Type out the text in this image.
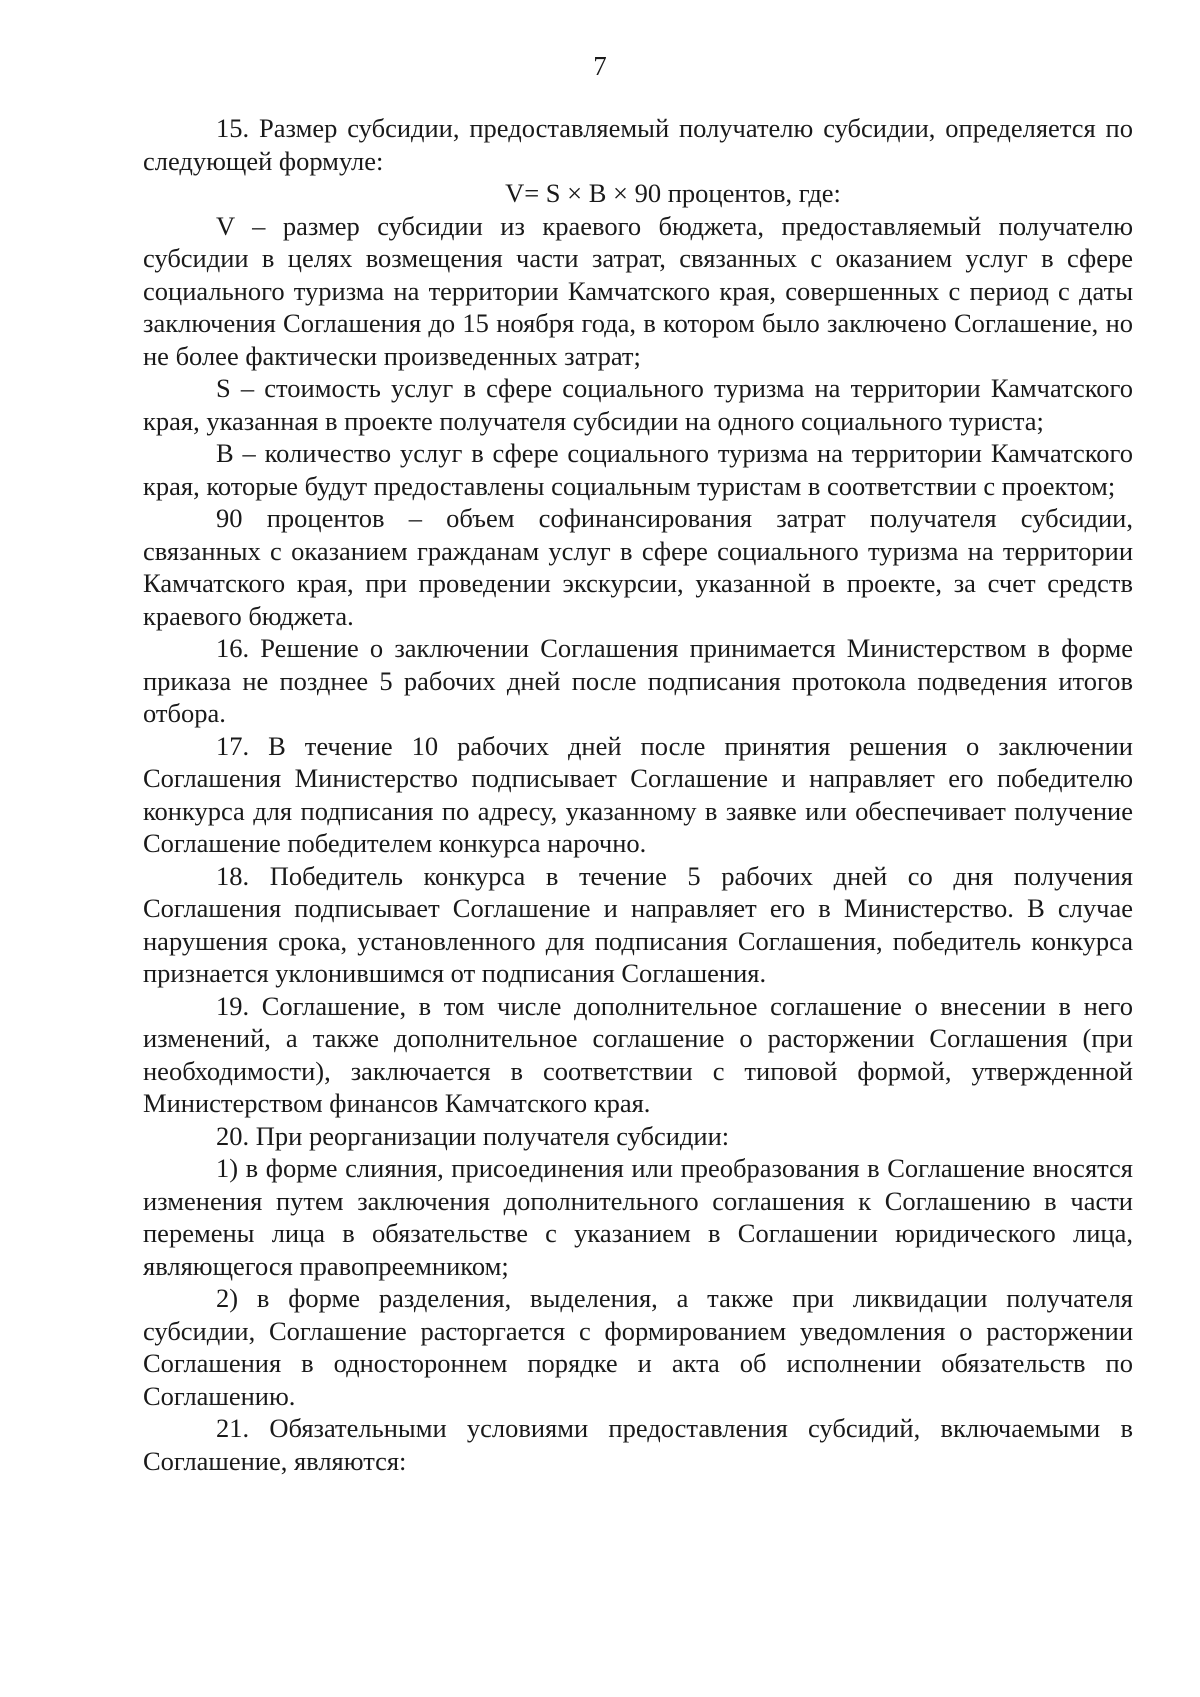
7

15. Размер субсидии, предоставляемый получателю субсидии, определяется по следующей формуле:

V= S × B × 90 процентов, где:

V – размер субсидии из краевого бюджета, предоставляемый получателю субсидии в целях возмещения части затрат, связанных с оказанием услуг в сфере социального туризма на территории Камчатского края, совершенных с период с даты заключения Соглашения до 15 ноября года, в котором было заключено Соглашение, но не более фактически произведенных затрат;

S – стоимость услуг в сфере социального туризма на территории Камчатского края, указанная в проекте получателя субсидии на одного социального туриста;

B – количество услуг в сфере социального туризма на территории Камчатского края, которые будут предоставлены социальным туристам в соответствии с проектом;

90 процентов – объем софинансирования затрат получателя субсидии, связанных с оказанием гражданам услуг в сфере социального туризма на территории Камчатского края, при проведении экскурсии, указанной в проекте, за счет средств краевого бюджета.

16. Решение о заключении Соглашения принимается Министерством в форме приказа не позднее 5 рабочих дней после подписания протокола подведения итогов отбора.

17. В течение 10 рабочих дней после принятия решения о заключении Соглашения Министерство подписывает Соглашение и направляет его победителю конкурса для подписания по адресу, указанному в заявке или обеспечивает получение Соглашение победителем конкурса нарочно.

18. Победитель конкурса в течение 5 рабочих дней со дня получения Соглашения подписывает Соглашение и направляет его в Министерство. В случае нарушения срока, установленного для подписания Соглашения, победитель конкурса признается уклонившимся от подписания Соглашения.

19. Соглашение, в том числе дополнительное соглашение о внесении в него изменений, а также дополнительное соглашение о расторжении Соглашения (при необходимости), заключается в соответствии с типовой формой, утвержденной Министерством финансов Камчатского края.

20. При реорганизации получателя субсидии:

1) в форме слияния, присоединения или преобразования в Соглашение вносятся изменения путем заключения дополнительного соглашения к Соглашению в части перемены лица в обязательстве с указанием в Соглашении юридического лица, являющегося правопреемником;

2) в форме разделения, выделения, а также при ликвидации получателя субсидии, Соглашение расторгается с формированием уведомления о расторжении Соглашения в одностороннем порядке и акта об исполнении обязательств по Соглашению.

21. Обязательными условиями предоставления субсидий, включаемыми в Соглашение, являются:
